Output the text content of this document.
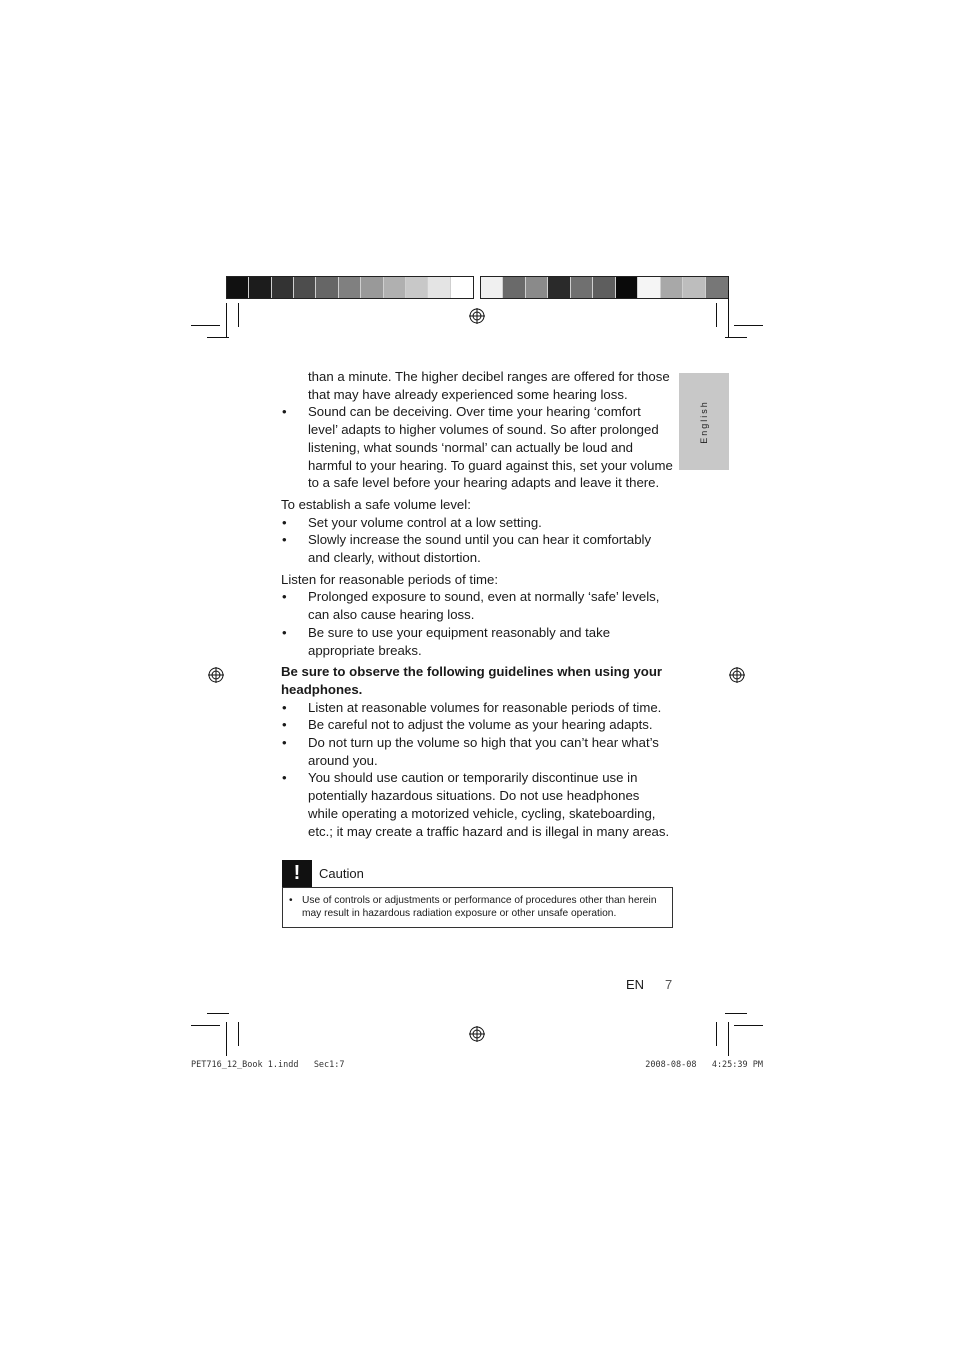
English

than a minute. The higher decibel ranges are offered for those that may have already experienced some hearing loss.

• Sound can be deceiving. Over time your hearing ‘comfort level’ adapts to higher volumes of sound. So after prolonged listening, what sounds ‘normal’ can actually be loud and harmful to your hearing. To guard against this, set your volume to a safe level before your hearing adapts and leave it there.

To establish a safe volume level:

• Set your volume control at a low setting.
• Slowly increase the sound until you can hear it comfortably and clearly, without distortion.

Listen for reasonable periods of time:

• Prolonged exposure to sound, even at normally ‘safe’ levels, can also cause hearing loss.
• Be sure to use your equipment reasonably and take appropriate breaks.

Be sure to observe the following guidelines when using your headphones.

• Listen at reasonable volumes for reasonable periods of time.
• Be careful not to adjust the volume as your hearing adapts.
• Do not turn up the volume so high that you can’t hear what’s around you.
• You should use caution or temporarily discontinue use in potentially hazardous situations. Do not use headphones while operating a motorized vehicle, cycling, skateboarding, etc.; it may create a traffic hazard and is illegal in many areas.
!	Caution
• Use of controls or adjustments or performance of procedures other than herein may result in hazardous radiation exposure or other unsafe operation.
EN 7
PET716_12_Book 1.indd   Sec1:7	2008-08-08   4:25:39 PM
